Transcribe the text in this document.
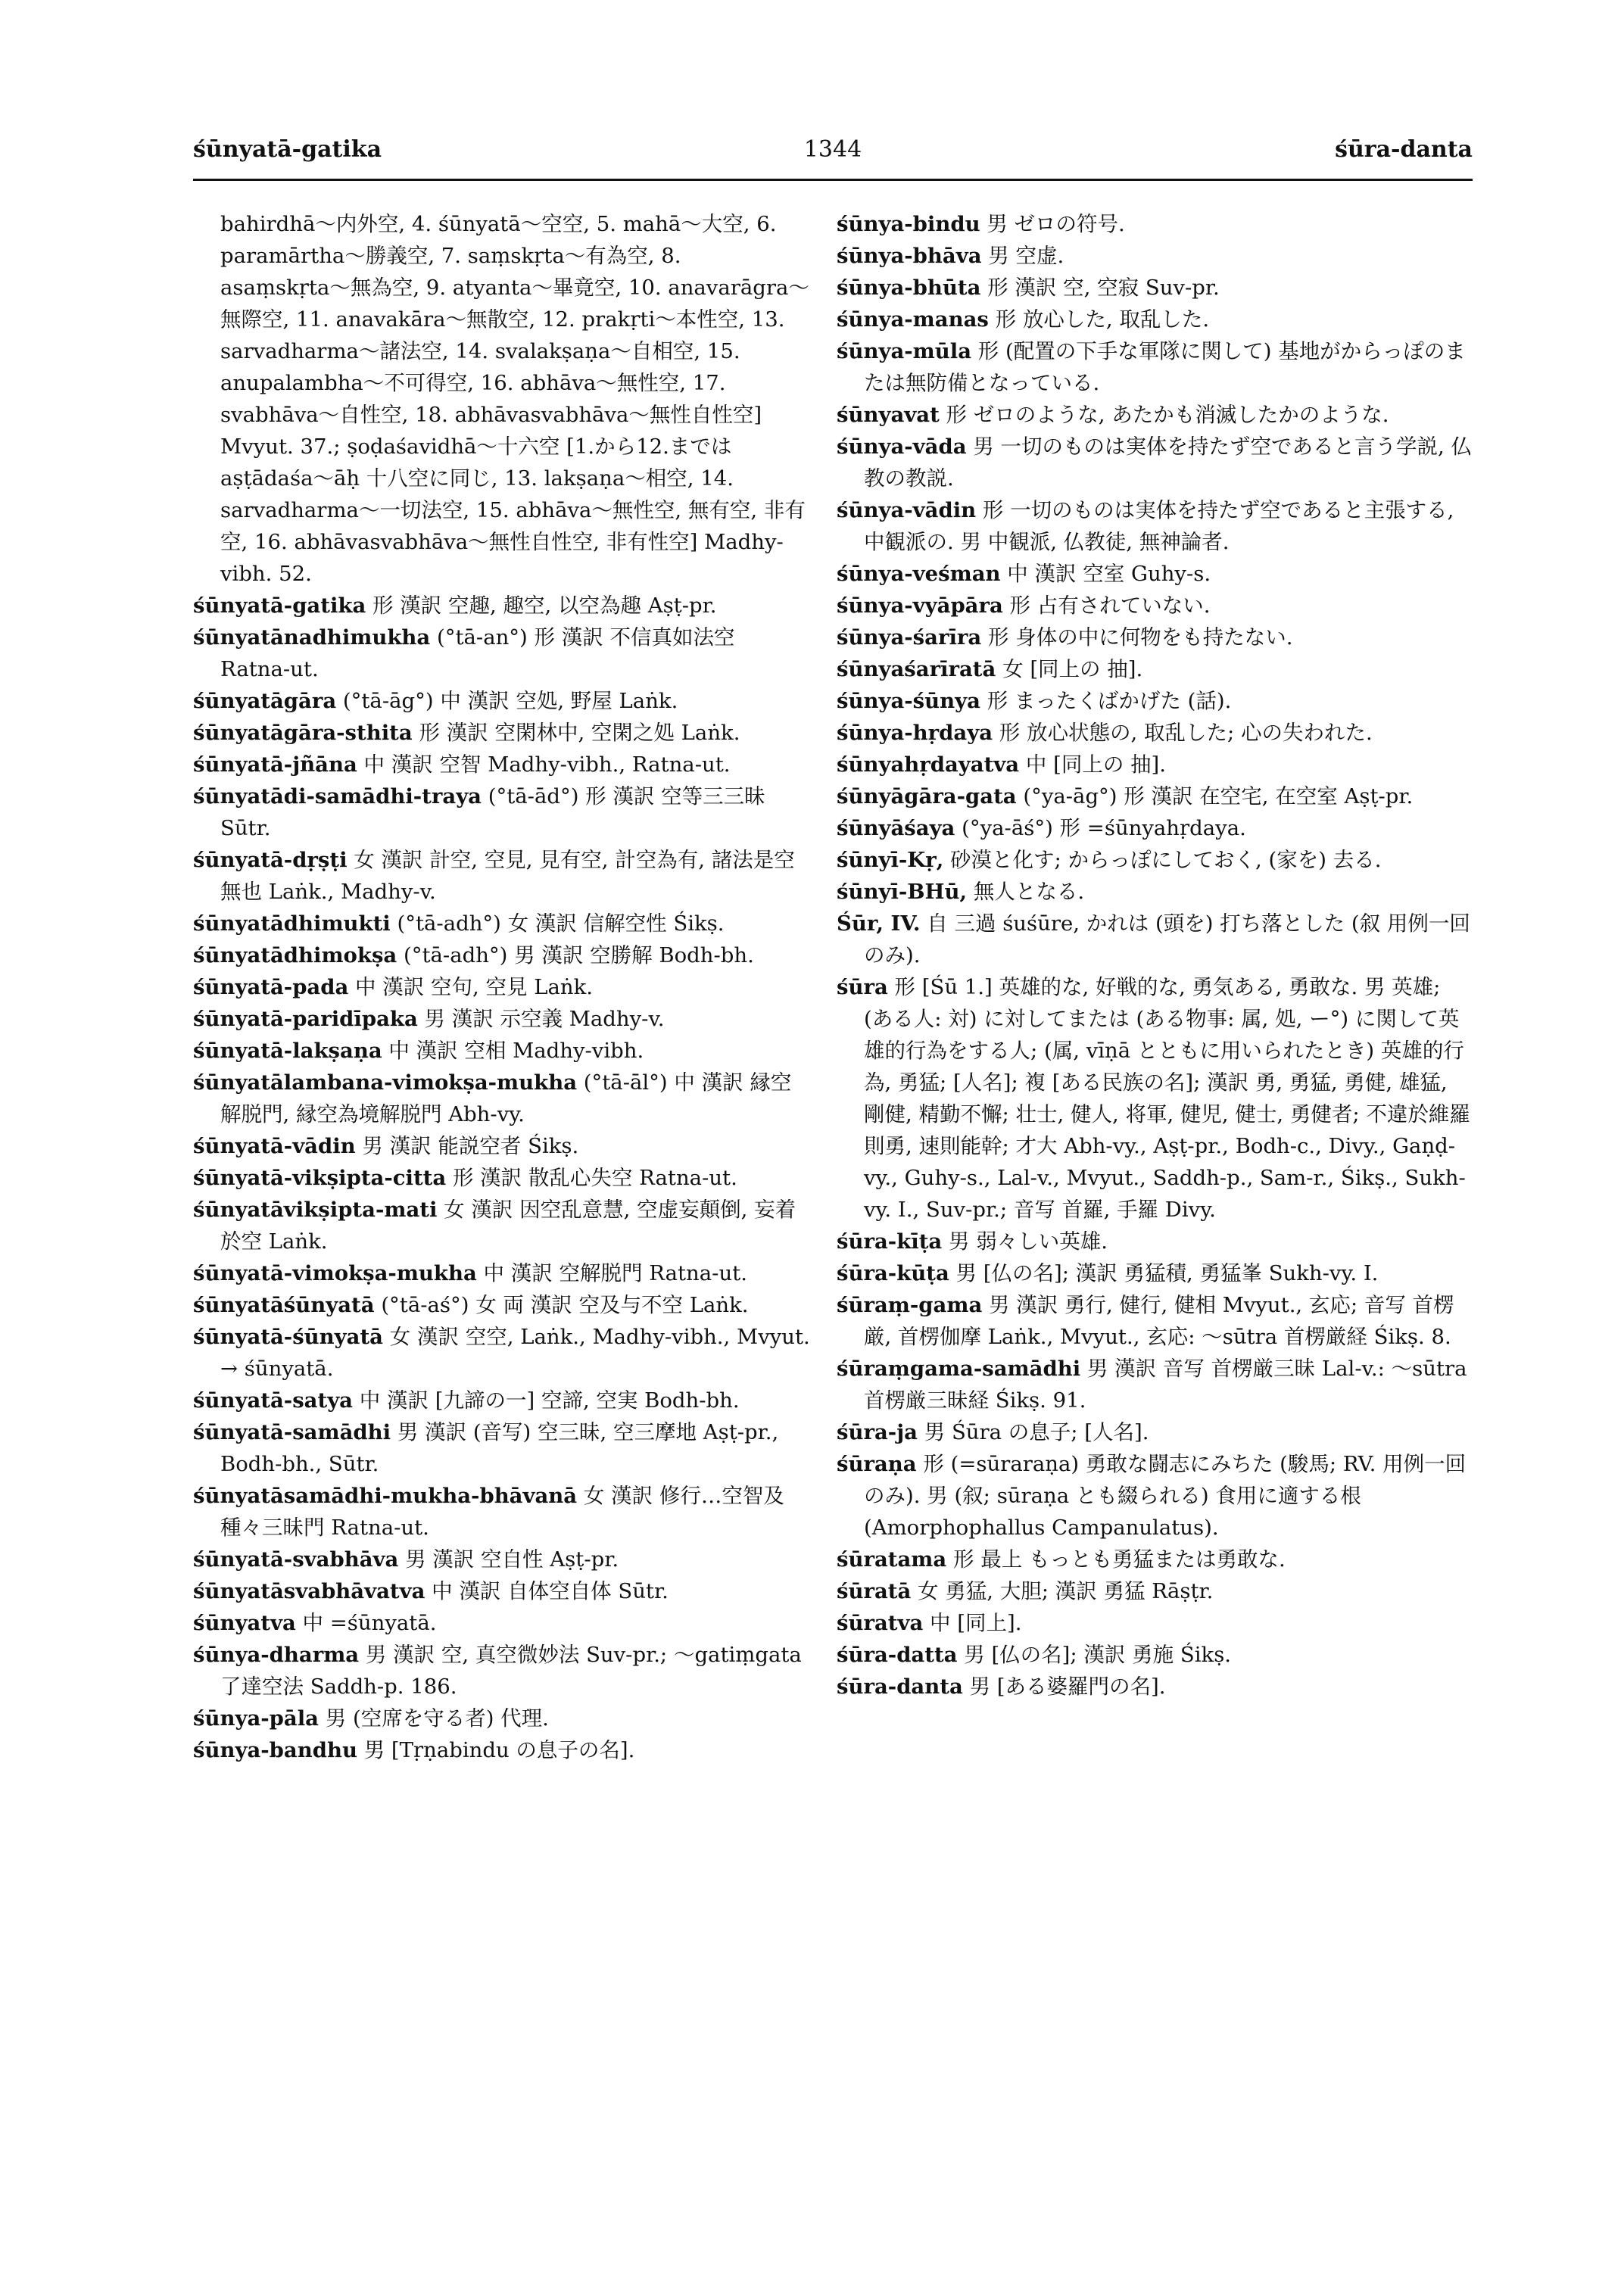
śūnyatā-gatika	1344	śūra-danta

bahirdhā〜内外空, 4. śūnyatā〜空空, 5. mahā〜大空, 6. paramārtha〜勝義空, 7. saṃskṛta〜有為空, 8. asaṃskṛta〜無為空, 9. atyanta〜畢竟空, 10. anavarāgra〜無際空, 11. anavakāra〜無散空, 12. prakṛti〜本性空, 13. sarvadharma〜諸法空, 14. svalakṣaṇa〜自相空, 15. anupalambha〜不可得空, 16. abhāva〜無性空, 17. svabhāva〜自性空, 18. abhāvasvabhāva〜無性自性空] Mvyut. 37.; ṣoḍaśavidhā〜十六空 [1.から12.まではaṣṭādaśa〜āḥ 十八空に同じ, 13. lakṣaṇa〜相空, 14. sarvadharma〜一切法空, 15. abhāva〜無性空, 無有空, 非有空, 16. abhāvasvabhāva〜無性自性空, 非有性空] Madhy-vibh. 52.

śūnyatā-gatika 形 漢訳 空趣, 趣空, 以空為趣 Aṣṭ-pr.

śūnyatānadhimukha (°tā-an°) 形 漢訳 不信真如法空 Ratna-ut.

śūnyatāgāra (°tā-āg°) 中 漢訳 空処, 野屋 Laṅk.

śūnyatāgāra-sthita 形 漢訳 空閑林中, 空閑之処 Laṅk.

śūnyatā-jñāna 中 漢訳 空智 Madhy-vibh., Ratna-ut.

śūnyatādi-samādhi-traya (°tā-ād°) 形 漢訳 空等三三昧 Sūtr.

śūnyatā-dṛṣṭi 女 漢訳 計空, 空見, 見有空, 計空為有, 諸法是空無也 Laṅk., Madhy-v.

śūnyatādhimukti (°tā-adh°) 女 漢訳 信解空性 Śikṣ.

śūnyatādhimokṣa (°tā-adh°) 男 漢訳 空勝解 Bodh-bh.

śūnyatā-pada 中 漢訳 空句, 空見 Laṅk.

śūnyatā-paridīpaka 男 漢訳 示空義 Madhy-v.

śūnyatā-lakṣaṇa 中 漢訳 空相 Madhy-vibh.

śūnyatālambana-vimokṣa-mukha (°tā-āl°) 中 漢訳 縁空解脱門, 縁空為境解脱門 Abh-vy.

śūnyatā-vādin 男 漢訳 能説空者 Śikṣ.

śūnyatā-vikṣipta-citta 形 漢訳 散乱心失空 Ratna-ut.

śūnyatāvikṣipta-mati 女 漢訳 因空乱意慧, 空虚妄顛倒, 妄着於空 Laṅk.

śūnyatā-vimokṣa-mukha 中 漢訳 空解脱門 Ratna-ut.

śūnyatāśūnyatā (°tā-aś°) 女 両 漢訳 空及与不空 Laṅk.

śūnyatā-śūnyatā 女 漢訳 空空, Laṅk., Madhy-vibh., Mvyut. → śūnyatā.

śūnyatā-satya 中 漢訳 [九諦の一] 空諦, 空実 Bodh-bh.

śūnyatā-samādhi 男 漢訳 (音写) 空三昧, 空三摩地 Aṣṭ-pr., Bodh-bh., Sūtr.

śūnyatāsamādhi-mukha-bhāvanā 女 漢訳 修行…空智及種々三昧門 Ratna-ut.

śūnyatā-svabhāva 男 漢訳 空自性 Aṣṭ-pr.

śūnyatāsvabhāvatva 中 漢訳 自体空自体 Sūtr.

śūnyatva 中 =śūnyatā.

śūnya-dharma 男 漢訳 空, 真空微妙法 Suv-pr.; 〜gatiṃgata 了達空法 Saddh-p. 186.

śūnya-pāla 男 (空席を守る者) 代理.

śūnya-bandhu 男 [Tṛṇabindu の息子の名].

śūnya-bindu 男 ゼロの符号.

śūnya-bhāva 男 空虚.

śūnya-bhūta 形 漢訳 空, 空寂 Suv-pr.

śūnya-manas 形 放心した, 取乱した.

śūnya-mūla 形 (配置の下手な軍隊に関して) 基地がからっぽのまたは無防備となっている.

śūnyavat 形 ゼロのような, あたかも消滅したかのような.

śūnya-vāda 男 一切のものは実体を持たず空であると言う学説, 仏教の教説.

śūnya-vādin 形 一切のものは実体を持たず空であると主張する, 中観派の. 男 中観派, 仏教徒, 無神論者.

śūnya-veśman 中 漢訳 空室 Guhy-s.

śūnya-vyāpāra 形 占有されていない.

śūnya-śarīra 形 身体の中に何物をも持たない.

śūnyaśarīratā 女 [同上の 抽].

śūnya-śūnya 形 まったくばかげた (話).

śūnya-hṛdaya 形 放心状態の, 取乱した; 心の失われた.

śūnyahṛdayatva 中 [同上の 抽].

śūnyāgāra-gata (°ya-āg°) 形 漢訳 在空宅, 在空室 Aṣṭ-pr.

śūnyāśaya (°ya-āś°) 形 =śūnyahṛdaya.

śūnyī-Kṛ, 砂漠と化す; からっぽにしておく, (家を) 去る.

śūnyī-BHū, 無人となる.

Śūr, IV. 自 三過 śuśūre, かれは (頭を) 打ち落とした (叙 用例一回のみ).

śūra 形 [Śū 1.] 英雄的な, 好戦的な, 勇気ある, 勇敢な. 男 英雄; (ある人: 対) に対してまたは (ある物事: 属, 処, ー°) に関して英雄的行為をする人; (属, vīṇā とともに用いられたとき) 英雄的行為, 勇猛; [人名]; 複 [ある民族の名]; 漢訳 勇, 勇猛, 勇健, 雄猛, 剛健, 精勤不懈; 壮士, 健人, 将軍, 健児, 健士, 勇健者; 不違於維羅則勇, 速則能幹; 才大 Abh-vy., Aṣṭ-pr., Bodh-c., Divy., Gaṇḍ-vy., Guhy-s., Lal-v., Mvyut., Saddh-p., Sam-r., Śikṣ., Sukh-vy. I., Suv-pr.; 音写 首羅, 手羅 Divy.

śūra-kīṭa 男 弱々しい英雄.

śūra-kūṭa 男 [仏の名]; 漢訳 勇猛積, 勇猛峯 Sukh-vy. I.

śūraṃ-gama 男 漢訳 勇行, 健行, 健相 Mvyut., 玄応; 音写 首楞厳, 首楞伽摩 Laṅk., Mvyut., 玄応: 〜sūtra 首楞厳経 Śikṣ. 8.

śūraṃgama-samādhi 男 漢訳 音写 首楞厳三昧 Lal-v.: 〜sūtra 首楞厳三昧経 Śikṣ. 91.

śūra-ja 男 Śūra の息子; [人名].

śūraṇa 形 (=sūraraṇa) 勇敢な闘志にみちた (駿馬; RV. 用例一回のみ). 男 (叙; sūraṇa とも綴られる) 食用に適する根 (Amorphophallus Campanulatus).

śūratama 形 最上 もっとも勇猛または勇敢な.

śūratā 女 勇猛, 大胆; 漢訳 勇猛 Rāṣṭr.

śūratva 中 [同上].

śūra-datta 男 [仏の名]; 漢訳 勇施 Śikṣ.

śūra-danta 男 [ある婆羅門の名].
